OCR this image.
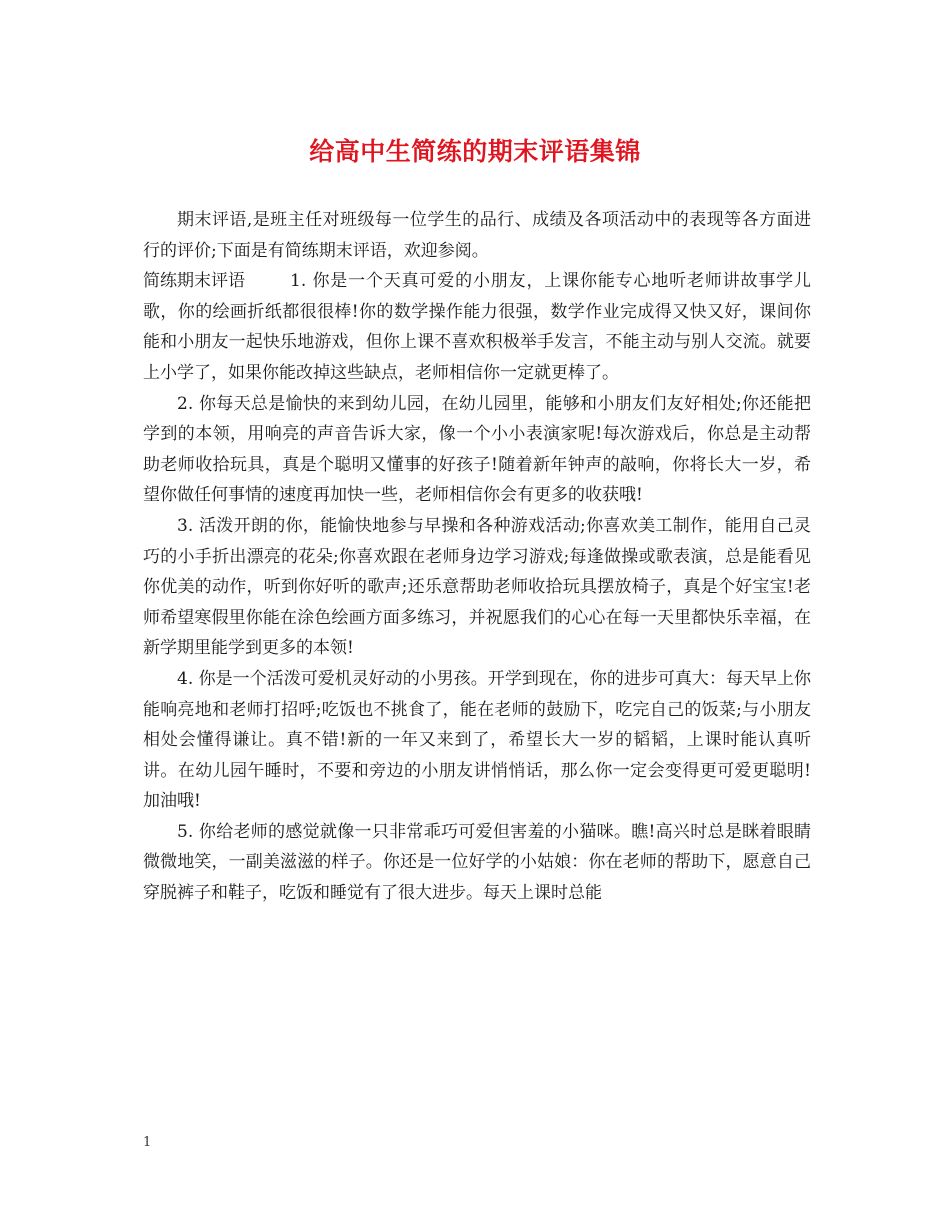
给高中生简练的期末评语集锦

期末评语,是班主任对班级每一位学生的品行、成绩及各项活动中的表现等各方面进行的评价;下面是有简练期末评语，欢迎参阅。

简练期末评语	1. 你是一个天真可爱的小朋友，上课你能专心地听老师讲故事学儿歌，你的绘画折纸都很很棒!你的数学操作能力很强，数学作业完成得又快又好，课间你能和小朋友一起快乐地游戏，但你上课不喜欢积极举手发言，不能主动与别人交流。就要上小学了，如果你能改掉这些缺点，老师相信你一定就更棒了。

2. 你每天总是愉快的来到幼儿园，在幼儿园里，能够和小朋友们友好相处;你还能把学到的本领，用响亮的声音告诉大家，像一个小小表演家呢!每次游戏后，你总是主动帮助老师收拾玩具，真是个聪明又懂事的好孩子!随着新年钟声的敲响，你将长大一岁，希望你做任何事情的速度再加快一些，老师相信你会有更多的收获哦!

3. 活泼开朗的你，能愉快地参与早操和各种游戏活动;你喜欢美工制作，能用自己灵巧的小手折出漂亮的花朵;你喜欢跟在老师身边学习游戏;每逢做操或歌表演，总是能看见你优美的动作，听到你好听的歌声;还乐意帮助老师收拾玩具摆放椅子，真是个好宝宝!老师希望寒假里你能在涂色绘画方面多练习，并祝愿我们的心心在每一天里都快乐幸福，在新学期里能学到更多的本领!

4. 你是一个活泼可爱机灵好动的小男孩。开学到现在，你的进步可真大：每天早上你能响亮地和老师打招呼;吃饭也不挑食了，能在老师的鼓励下，吃完自己的饭菜;与小朋友相处会懂得谦让。真不错!新的一年又来到了，希望长大一岁的韬韬，上课时能认真听讲。在幼儿园午睡时，不要和旁边的小朋友讲悄悄话，那么你一定会变得更可爱更聪明!加油哦!

5. 你给老师的感觉就像一只非常乖巧可爱但害羞的小猫咪。瞧!高兴时总是眯着眼睛微微地笑，一副美滋滋的样子。你还是一位好学的小姑娘：你在老师的帮助下，愿意自己穿脱裤子和鞋子，吃饭和睡觉有了很大进步。每天上课时总能

1
